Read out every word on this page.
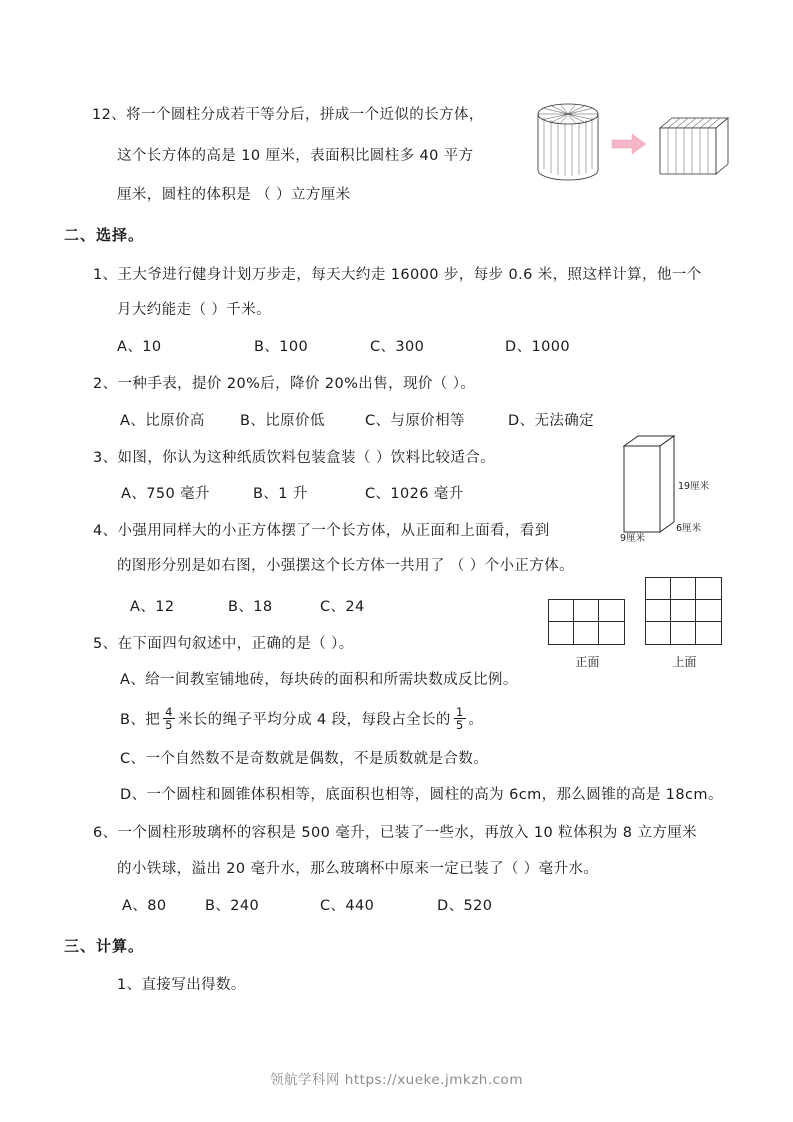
12、将一个圆柱分成若干等分后，拼成一个近似的长方体，
这个长方体的高是 10 厘米，表面积比圆柱多 40 平方
厘米，圆柱的体积是 （ ）立方厘米
二、选择。
1、王大爷进行健身计划万步走，每天大约走 16000 步，每步 0.6 米，照这样计算，他一个
月大约能走（ ）千米。
A、10	B、100	C、300	D、1000
2、一种手表，提价 20%后，降价 20%出售，现价（ ）。
A、比原价高 B、比原价低	C、与原价相等	D、无法确定
3、如图，你认为这种纸质饮料包装盒装（ ）饮料比较适合。
A、750 毫升	B、1 升	C、1026 毫升	19厘米
6厘米
9厘米
4、小强用同样大的小正方体摆了一个长方体，从正面和上面看，看到
的图形分别是如右图，小强摆这个长方体一共用了 （ ）个小正方体。
A、12	B、18	C、24
正面	上面
5、在下面四句叙述中，正确的是（ ）。
A、给一间教室铺地砖，每块砖的面积和所需块数成反比例。
B、把 $\frac{4}{5}$ 米长的绳子平均分成 4 段，每段占全长的 $\frac{1}{5}$ 。
C、一个自然数不是奇数就是偶数，不是质数就是合数。
D、一个圆柱和圆锥体积相等，底面积也相等，圆柱的高为 6cm，那么圆锥的高是 18cm。
6、一个圆柱形玻璃杯的容积是 500 毫升，已装了一些水，再放入 10 粒体积为 8 立方厘米
的小铁球，溢出 20 毫升水，那么玻璃杯中原来一定已装了（ ）毫升水。
A、80	B、240	C、440	D、520
三、计算。
1、直接写出得数。
领航学科网 https://xueke.jmkzh.com
